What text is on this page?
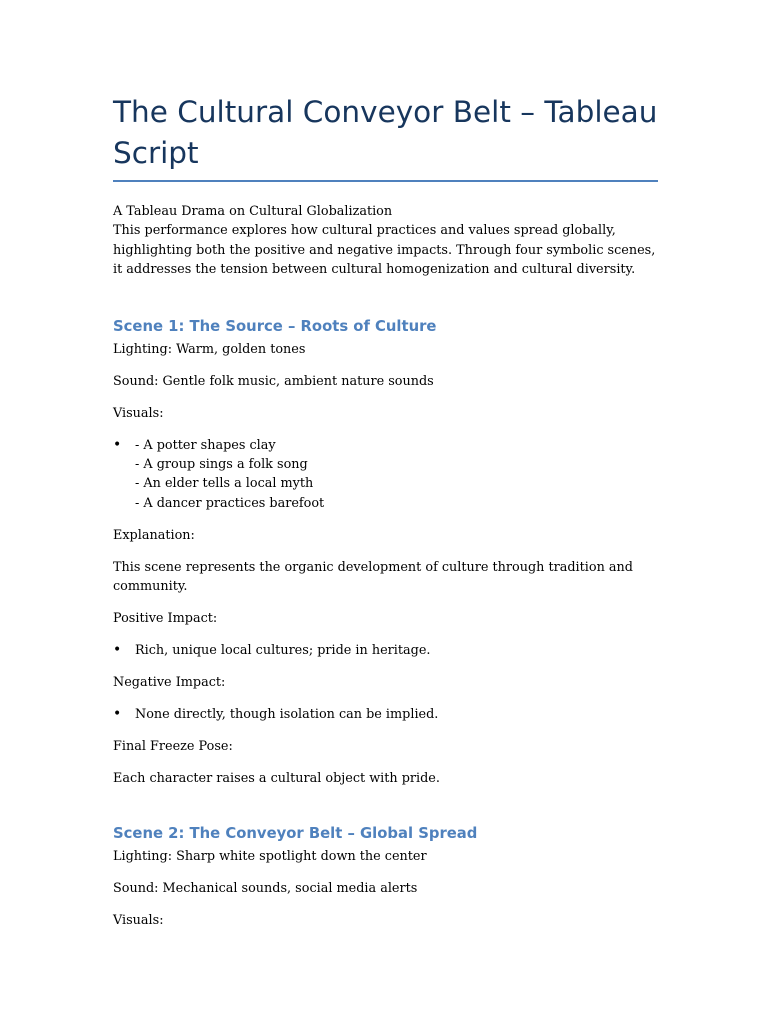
The Cultural Conveyor Belt – Tableau Script

A Tableau Drama on Cultural Globalization

This performance explores how cultural practices and values spread globally, highlighting both the positive and negative impacts. Through four symbolic scenes, it addresses the tension between cultural homogenization and cultural diversity.

Scene 1: The Source – Roots of Culture

Lighting: Warm, golden tones

Sound: Gentle folk music, ambient nature sounds

Visuals:

• - A potter shapes clay
- A group sings a folk song
- An elder tells a local myth
- A dancer practices barefoot

Explanation:

This scene represents the organic development of culture through tradition and community.

Positive Impact:

• Rich, unique local cultures; pride in heritage.

Negative Impact:

• None directly, though isolation can be implied.

Final Freeze Pose:

Each character raises a cultural object with pride.

Scene 2: The Conveyor Belt – Global Spread

Lighting: Sharp white spotlight down the center

Sound: Mechanical sounds, social media alerts

Visuals:
